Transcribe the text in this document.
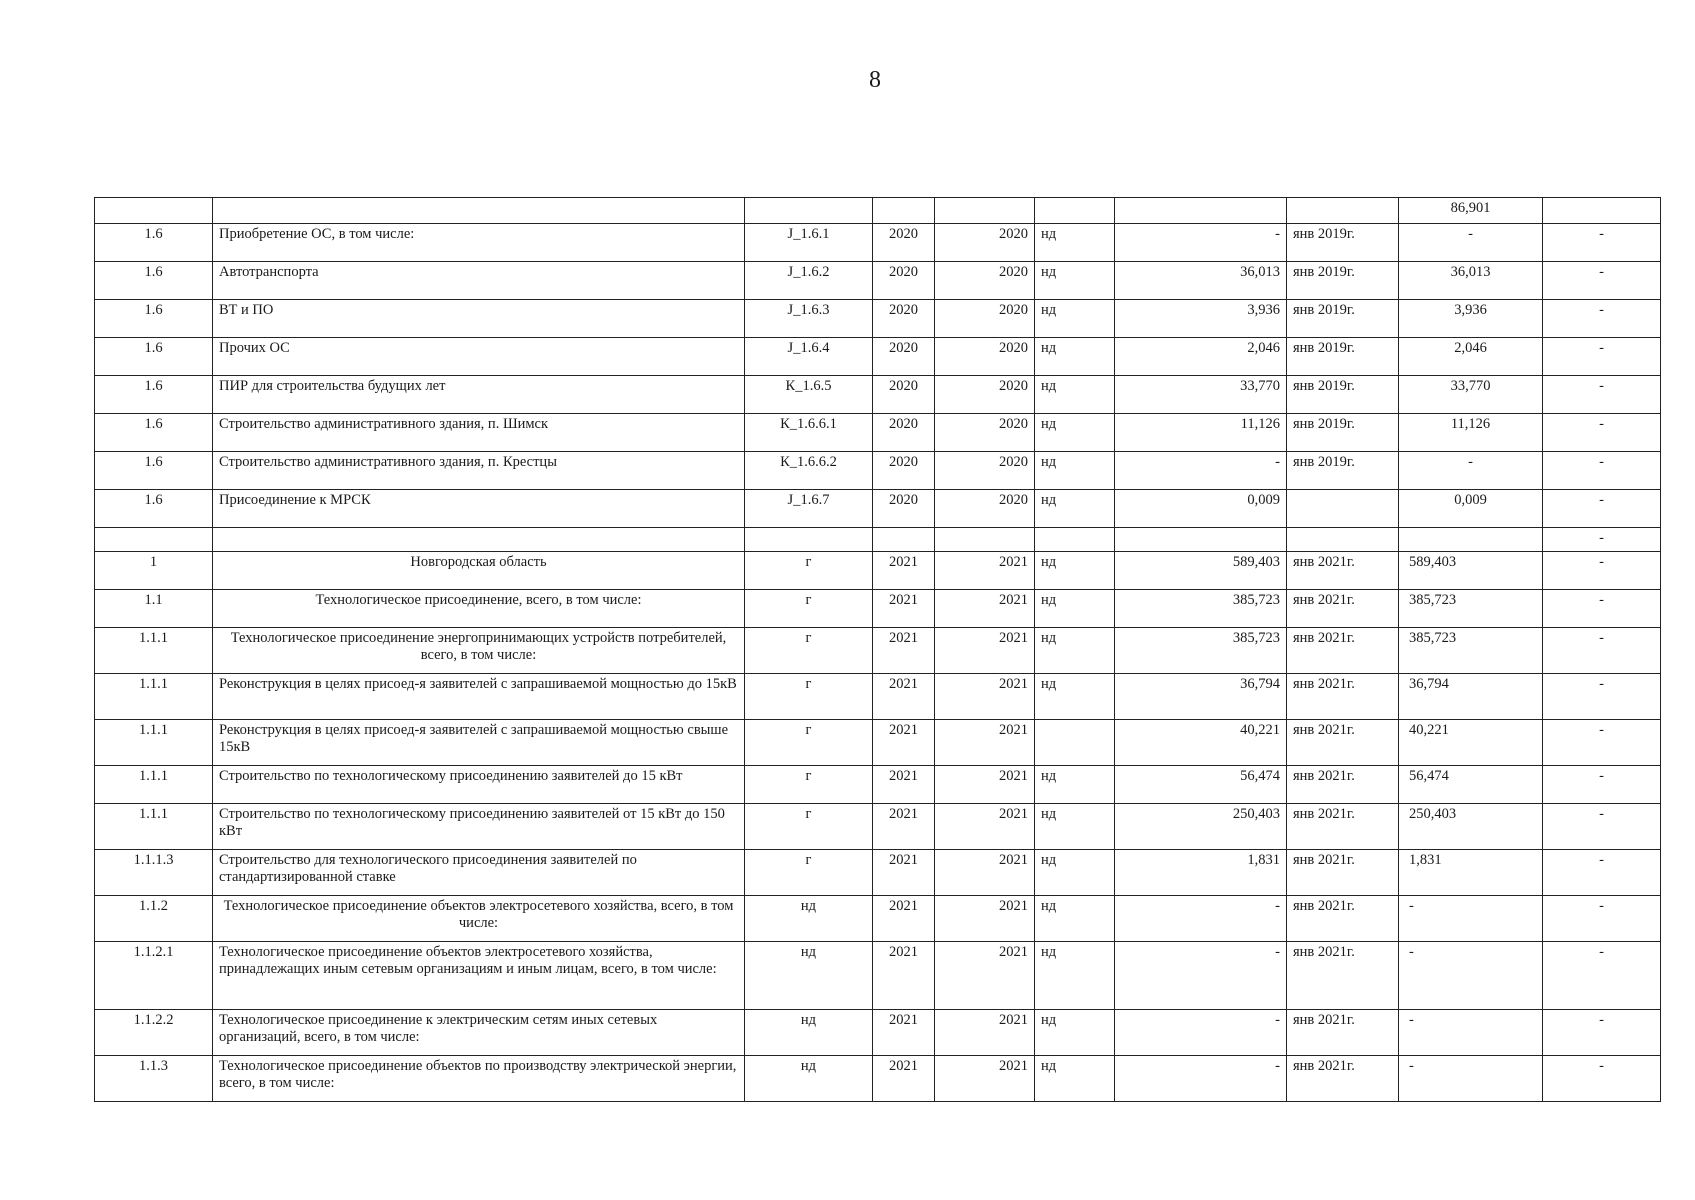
8
								86,901	
1.6	Приобретение ОС, в том числе:	J_1.6.1	2020	2020	нд	-	янв 2019г.	-	-
1.6	Автотранспорта	J_1.6.2	2020	2020	нд	36,013	янв 2019г.	36,013	-
1.6	ВТ и ПО	J_1.6.3	2020	2020	нд	3,936	янв 2019г.	3,936	-
1.6	Прочих ОС	J_1.6.4	2020	2020	нд	2,046	янв 2019г.	2,046	-
1.6	ПИР для строительства будущих лет	К_1.6.5	2020	2020	нд	33,770	янв 2019г.	33,770	-
1.6	Строительство административного здания, п. Шимск	К_1.6.6.1	2020	2020	нд	11,126	янв 2019г.	11,126	-
1.6	Строительство административного здания, п. Крестцы	К_1.6.6.2	2020	2020	нд	-	янв 2019г.	-	-
1.6	Присоединение к МРСК	J_1.6.7	2020	2020	нд	0,009		0,009	-
									-
1	Новгородская область	г	2021	2021	нд	589,403	янв 2021г.	589,403	-
1.1	Технологическое присоединение, всего, в том числе:	г	2021	2021	нд	385,723	янв 2021г.	385,723	-
1.1.1	Технологическое присоединение энергопринимающих устройств потребителей, всего, в том числе:	г	2021	2021	нд	385,723	янв 2021г.	385,723	-
1.1.1	Реконструкция в целях присоед-я заявителей с запрашиваемой мощностью до 15кВ	г	2021	2021	нд	36,794	янв 2021г.	36,794	-
1.1.1	Реконструкция в целях присоед-я заявителей с запрашиваемой мощностью свыше 15кВ	г	2021	2021		40,221	янв 2021г.	40,221	-
1.1.1	Строительство по технологическому присоединению заявителей до 15 кВт	г	2021	2021	нд	56,474	янв 2021г.	56,474	-
1.1.1	Строительство по технологическому присоединению заявителей от 15 кВт до 150 кВт	г	2021	2021	нд	250,403	янв 2021г.	250,403	-
1.1.1.3	Строительство для технологического присоединения заявителей по стандартизированной ставке	г	2021	2021	нд	1,831	янв 2021г.	1,831	-
1.1.2	Технологическое присоединение объектов электросетевого хозяйства, всего, в том числе:	нд	2021	2021	нд	-	янв 2021г.	-	-
1.1.2.1	Технологическое присоединение объектов электросетевого хозяйства, принадлежащих иным сетевым организациям и иным лицам, всего, в том числе:	нд	2021	2021	нд	-	янв 2021г.	-	-
1.1.2.2	Технологическое присоединение к электрическим сетям иных сетевых организаций, всего, в том числе:	нд	2021	2021	нд	-	янв 2021г.	-	-
1.1.3	Технологическое присоединение объектов по производству электрической энергии, всего, в том числе:	нд	2021	2021	нд	-	янв 2021г.	-	-
